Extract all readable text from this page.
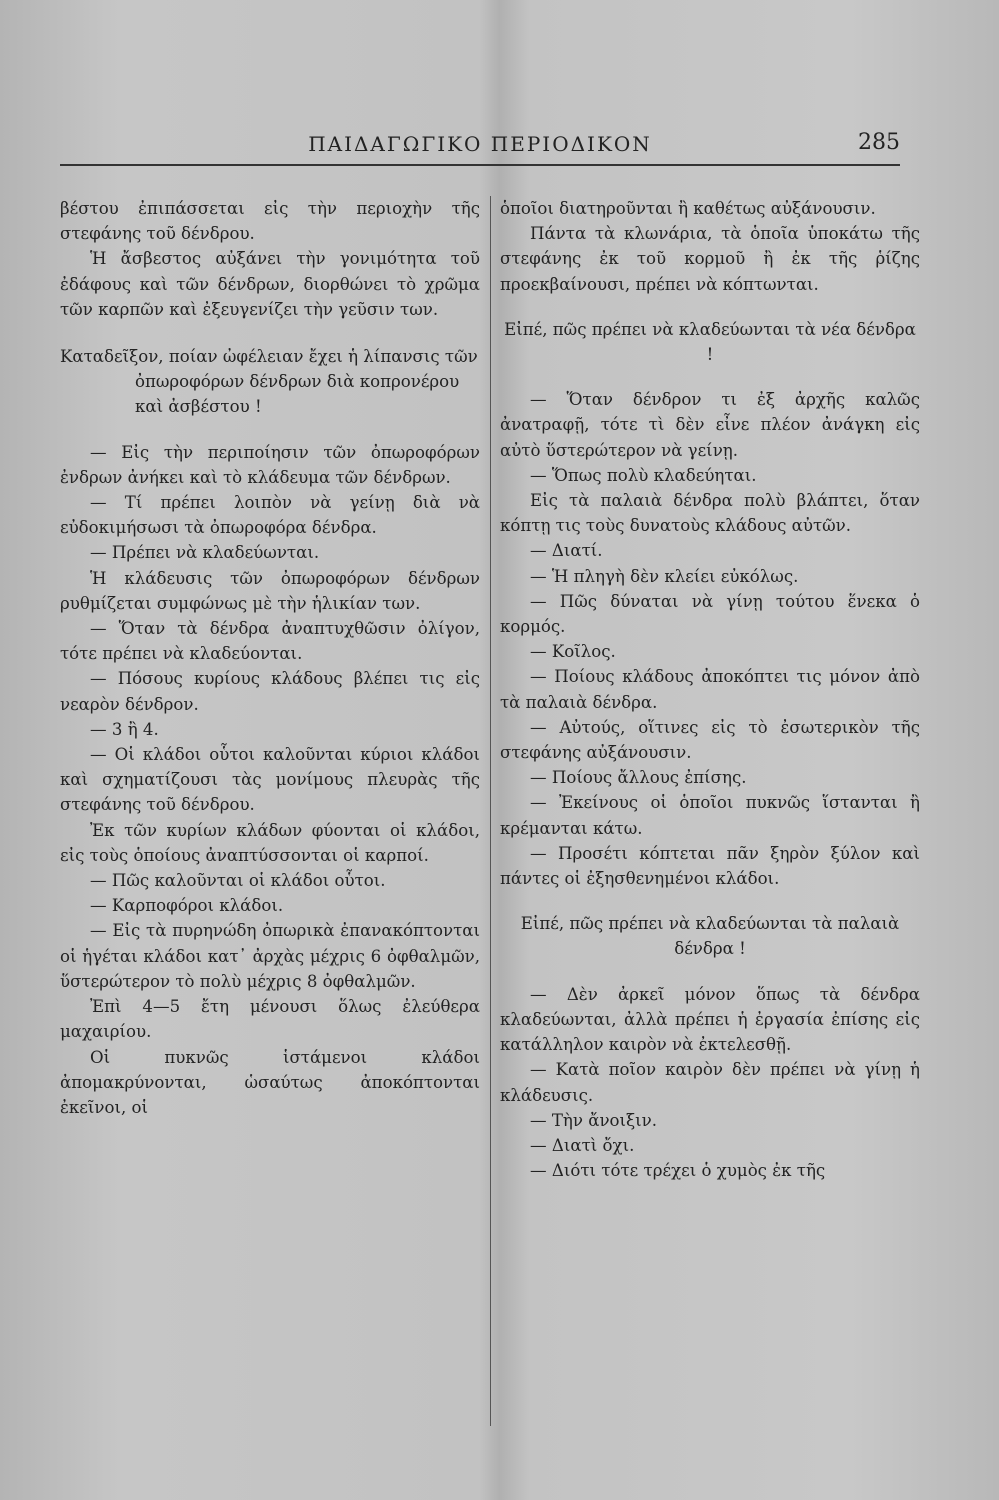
ΠΑΙΔΑΓΩΓΙΚΟ ΠΕΡΙΟΔΙΚΟΝ	285

βέστου ἐπιπάσσεται εἰς τὴν περιοχὴν τῆς στεφάνης τοῦ δένδρου.

Ἡ ἄσβεστος αὐξάνει τὴν γονιμότητα τοῦ ἐδάφους καὶ τῶν δένδρων, διορθώνει τὸ χρῶμα τῶν καρπῶν καὶ ἐξευγενίζει τὴν γεῦσιν των.

Καταδεῖξον, ποίαν ὠφέλειαν ἔχει ἡ λίπανσις τῶν ὀπωροφόρων δένδρων διὰ κοπρονέρου καὶ ἀσβέστου !

— Εἰς τὴν περιποίησιν τῶν ὀπωροφόρων ἐνδρων ἀνήκει καὶ τὸ κλάδευμα τῶν δένδρων.

— Τί πρέπει λοιπὸν νὰ γείνῃ διὰ νὰ εὐδοκιμήσωσι τὰ ὀπωροφόρα δένδρα.

— Πρέπει νὰ κλαδεύωνται.

Ἡ κλάδευσις τῶν ὀπωροφόρων δένδρων ρυθμίζεται συμφώνως μὲ τὴν ἡλικίαν των.

— Ὅταν τὰ δένδρα ἀναπτυχθῶσιν ὀλίγον, τότε πρέπει νὰ κλαδεύονται.

— Πόσους κυρίους κλάδους βλέπει τις εἰς νεαρὸν δένδρον.

— 3 ἢ 4.

— Οἱ κλάδοι οὗτοι καλοῦνται κύριοι κλάδοι καὶ σχηματίζουσι τὰς μονίμους πλευρὰς τῆς στεφάνης τοῦ δένδρου.

Ἐκ τῶν κυρίων κλάδων φύονται οἱ κλάδοι, εἰς τοὺς ὁποίους ἀναπτύσσονται οἱ καρποί.

— Πῶς καλοῦνται οἱ κλάδοι οὗτοι.

— Καρποφόροι κλάδοι.

— Εἰς τὰ πυρηνώδη ὀπωρικὰ ἐπανακόπτονται οἱ ἡγέται κλάδοι κατ᾽ ἀρχὰς μέχρις 6 ὀφθαλμῶν, ὕστερώτερον τὸ πολὺ μέχρις 8 ὀφθαλμῶν.

Ἐπὶ 4—5 ἔτη μένουσι ὅλως ἐλεύθερα μαχαιρίου.

Οἱ πυκνῶς ἱστάμενοι κλάδοι ἀπομακρύνονται, ὡσαύτως ἀποκόπτονται ἐκεῖνοι, οἱ

ὁποῖοι διατηροῦνται ἢ καθέτως αὐξάνουσιν.

Πάντα τὰ κλωνάρια, τὰ ὁποῖα ὑποκάτω τῆς στεφάνης ἐκ τοῦ κορμοῦ ἢ ἐκ τῆς ῥίζης προεκβαίνουσι, πρέπει νὰ κόπτωνται.

Εἰπέ, πῶς πρέπει νὰ κλαδεύωνται τὰ νέα δένδρα !

— Ὅταν δένδρον τι ἐξ ἀρχῆς καλῶς ἀνατραφῇ, τότε τὶ δὲν εἶνε πλέον ἀνάγκη εἰς αὐτὸ ὕστερώτερον νὰ γείνῃ.

— Ὅπως πολὺ κλαδεύηται.

Εἰς τὰ παλαιὰ δένδρα πολὺ βλάπτει, ὅταν κόπτῃ τις τοὺς δυνατοὺς κλάδους αὐτῶν.

— Διατί.

— Ἡ πληγὴ δὲν κλείει εὐκόλως.

— Πῶς δύναται νὰ γίνῃ τούτου ἕνεκα ὁ κορμός.

— Κοῖλος.

— Ποίους κλάδους ἀποκόπτει τις μόνον ἀπὸ τὰ παλαιὰ δένδρα.

— Αὐτούς, οἵτινες εἰς τὸ ἐσωτερικὸν τῆς στεφάνης αὐξάνουσιν.

— Ποίους ἄλλους ἐπίσης.

— Ἐκείνους οἱ ὁποῖοι πυκνῶς ἵστανται ἢ κρέμανται κάτω.

— Προσέτι κόπτεται πᾶν ξηρὸν ξύλον καὶ πάντες οἱ ἐξησθενημένοι κλάδοι.

Εἰπέ, πῶς πρέπει νὰ κλαδεύωνται τὰ παλαιὰ δένδρα !

— Δὲν ἀρκεῖ μόνον ὅπως τὰ δένδρα κλαδεύωνται, ἀλλὰ πρέπει ἡ ἐργασία ἐπίσης εἰς κατάλληλον καιρὸν νὰ ἐκτελεσθῇ.

— Κατὰ ποῖον καιρὸν δὲν πρέπει νὰ γίνῃ ἡ κλάδευσις.

— Τὴν ἄνοιξιν.

— Διατὶ ὄχι.

— Διότι τότε τρέχει ὁ χυμὸς ἐκ τῆς
